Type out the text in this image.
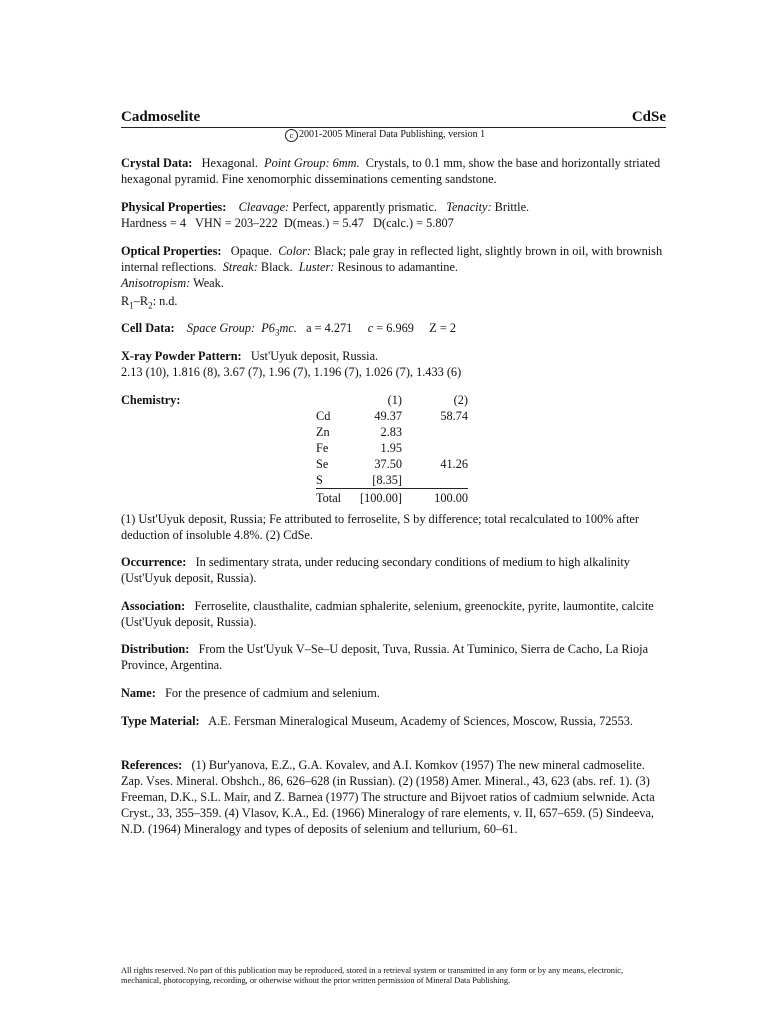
Cadmoselite	CdSe
c 2001-2005 Mineral Data Publishing, version 1
Crystal Data: Hexagonal. Point Group: 6mm. Crystals, to 0.1 mm, show the base and horizontally striated hexagonal pyramid. Fine xenomorphic disseminations cementing sandstone.
Physical Properties: Cleavage: Perfect, apparently prismatic. Tenacity: Brittle.
Hardness = 4   VHN = 203–222  D(meas.) = 5.47   D(calc.) = 5.807
Optical Properties: Opaque. Color: Black; pale gray in reflected light, slightly brown in oil, with brownish internal reflections. Streak: Black. Luster: Resinous to adamantine.
Anisotropism: Weak.
$R_1-R_2$: n.d.
Cell Data: Space Group: $P6_3mc$. a = 4.271 c = 6.969 Z = 2
X-ray Powder Pattern: Ust'Uyuk deposit, Russia.
2.13 (10), 1.816 (8), 3.67 (7), 1.96 (7), 1.196 (7), 1.026 (7), 1.433 (6)
Chemistry:
		(1)	(2)
Cd	49.37	58.74
Zn	2.83	
Fe	1.95	
Se	37.50	41.26
S	[8.35]	
Total	[100.00]	100.00
(1) Ust'Uyuk deposit, Russia; Fe attributed to ferroselite, S by difference; total recalculated to 100% after deduction of insoluble 4.8%. (2) CdSe.
Occurrence: In sedimentary strata, under reducing secondary conditions of medium to high alkalinity (Ust'Uyuk deposit, Russia).
Association: Ferroselite, clausthalite, cadmian sphalerite, selenium, greenockite, pyrite, laumontite, calcite (Ust'Uyuk deposit, Russia).
Distribution: From the Ust'Uyuk V–Se–U deposit, Tuva, Russia. At Tuminico, Sierra de Cacho, La Rioja Province, Argentina.
Name: For the presence of cadmium and selenium.
Type Material: A.E. Fersman Mineralogical Museum, Academy of Sciences, Moscow, Russia, 72553.
References: (1) Bur'yanova, E.Z., G.A. Kovalev, and A.I. Komkov (1957) The new mineral cadmoselite. Zap. Vses. Mineral. Obshch., 86, 626–628 (in Russian). (2) (1958) Amer. Mineral., 43, 623 (abs. ref. 1). (3) Freeman, D.K., S.L. Mair, and Z. Barnea (1977) The structure and Bijvoet ratios of cadmium selwnide. Acta Cryst., 33, 355–359. (4) Vlasov, K.A., Ed. (1966) Mineralogy of rare elements, v. II, 657–659. (5) Sindeeva, N.D. (1964) Mineralogy and types of deposits of selenium and tellurium, 60–61.
All rights reserved. No part of this publication may be reproduced, stored in a retrieval system or transmitted in any form or by any means, electronic, mechanical, photocopying, recording, or otherwise without the prior written permission of Mineral Data Publishing.
